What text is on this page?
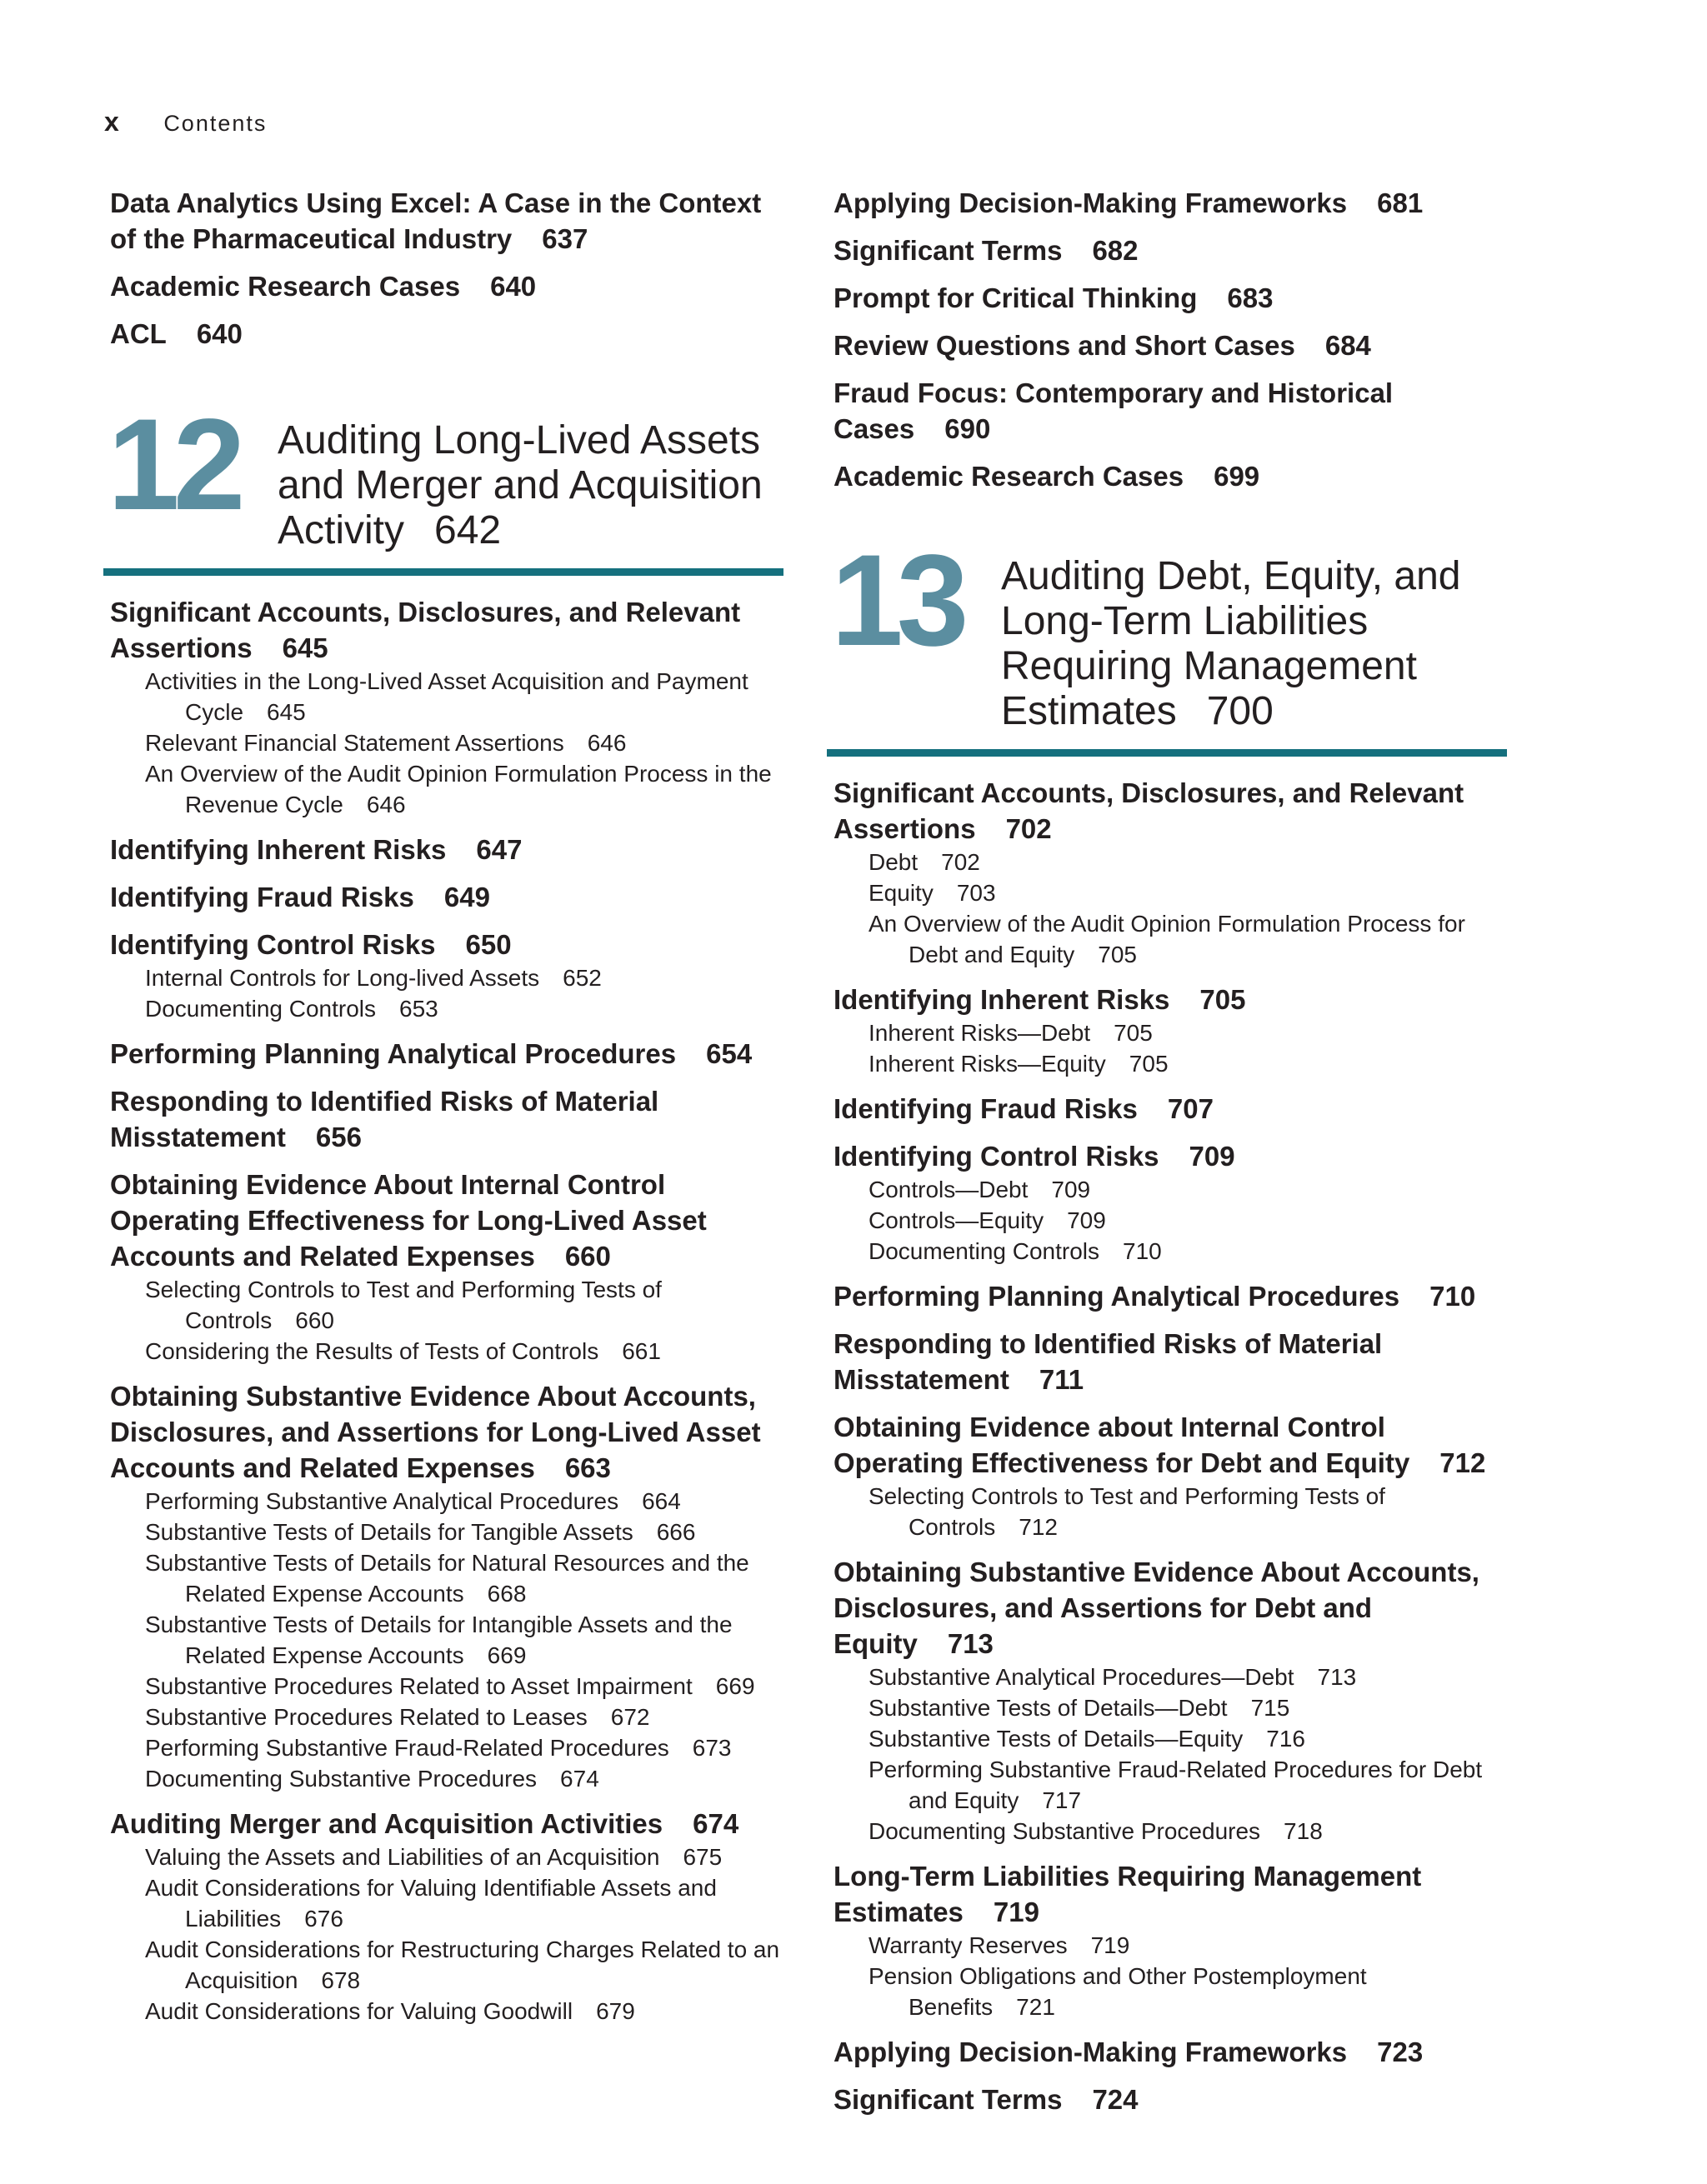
x Contents
Data Analytics Using Excel: A Case in the Context of the Pharmaceutical Industry 637
Academic Research Cases 640
ACL 640
12 Auditing Long-Lived Assets and Merger and Acquisition Activity 642
Significant Accounts, Disclosures, and Relevant Assertions 645
Activities in the Long-Lived Asset Acquisition and Payment Cycle 645
Relevant Financial Statement Assertions 646
An Overview of the Audit Opinion Formulation Process in the Revenue Cycle 646
Identifying Inherent Risks 647
Identifying Fraud Risks 649
Identifying Control Risks 650
Internal Controls for Long-lived Assets 652
Documenting Controls 653
Performing Planning Analytical Procedures 654
Responding to Identified Risks of Material Misstatement 656
Obtaining Evidence About Internal Control Operating Effectiveness for Long-Lived Asset Accounts and Related Expenses 660
Selecting Controls to Test and Performing Tests of Controls 660
Considering the Results of Tests of Controls 661
Obtaining Substantive Evidence About Accounts, Disclosures, and Assertions for Long-Lived Asset Accounts and Related Expenses 663
Performing Substantive Analytical Procedures 664
Substantive Tests of Details for Tangible Assets 666
Substantive Tests of Details for Natural Resources and the Related Expense Accounts 668
Substantive Tests of Details for Intangible Assets and the Related Expense Accounts 669
Substantive Procedures Related to Asset Impairment 669
Substantive Procedures Related to Leases 672
Performing Substantive Fraud-Related Procedures 673
Documenting Substantive Procedures 674
Auditing Merger and Acquisition Activities 674
Valuing the Assets and Liabilities of an Acquisition 675
Audit Considerations for Valuing Identifiable Assets and Liabilities 676
Audit Considerations for Restructuring Charges Related to an Acquisition 678
Audit Considerations for Valuing Goodwill 679
Applying Decision-Making Frameworks 681
Significant Terms 682
Prompt for Critical Thinking 683
Review Questions and Short Cases 684
Fraud Focus: Contemporary and Historical Cases 690
Academic Research Cases 699
13 Auditing Debt, Equity, and Long-Term Liabilities Requiring Management Estimates 700
Significant Accounts, Disclosures, and Relevant Assertions 702
Debt 702
Equity 703
An Overview of the Audit Opinion Formulation Process for Debt and Equity 705
Identifying Inherent Risks 705
Inherent Risks—Debt 705
Inherent Risks—Equity 705
Identifying Fraud Risks 707
Identifying Control Risks 709
Controls—Debt 709
Controls—Equity 709
Documenting Controls 710
Performing Planning Analytical Procedures 710
Responding to Identified Risks of Material Misstatement 711
Obtaining Evidence about Internal Control Operating Effectiveness for Debt and Equity 712
Selecting Controls to Test and Performing Tests of Controls 712
Obtaining Substantive Evidence About Accounts, Disclosures, and Assertions for Debt and Equity 713
Substantive Analytical Procedures—Debt 713
Substantive Tests of Details—Debt 715
Substantive Tests of Details—Equity 716
Performing Substantive Fraud-Related Procedures for Debt and Equity 717
Documenting Substantive Procedures 718
Long-Term Liabilities Requiring Management Estimates 719
Warranty Reserves 719
Pension Obligations and Other Postemployment Benefits 721
Applying Decision-Making Frameworks 723
Significant Terms 724
